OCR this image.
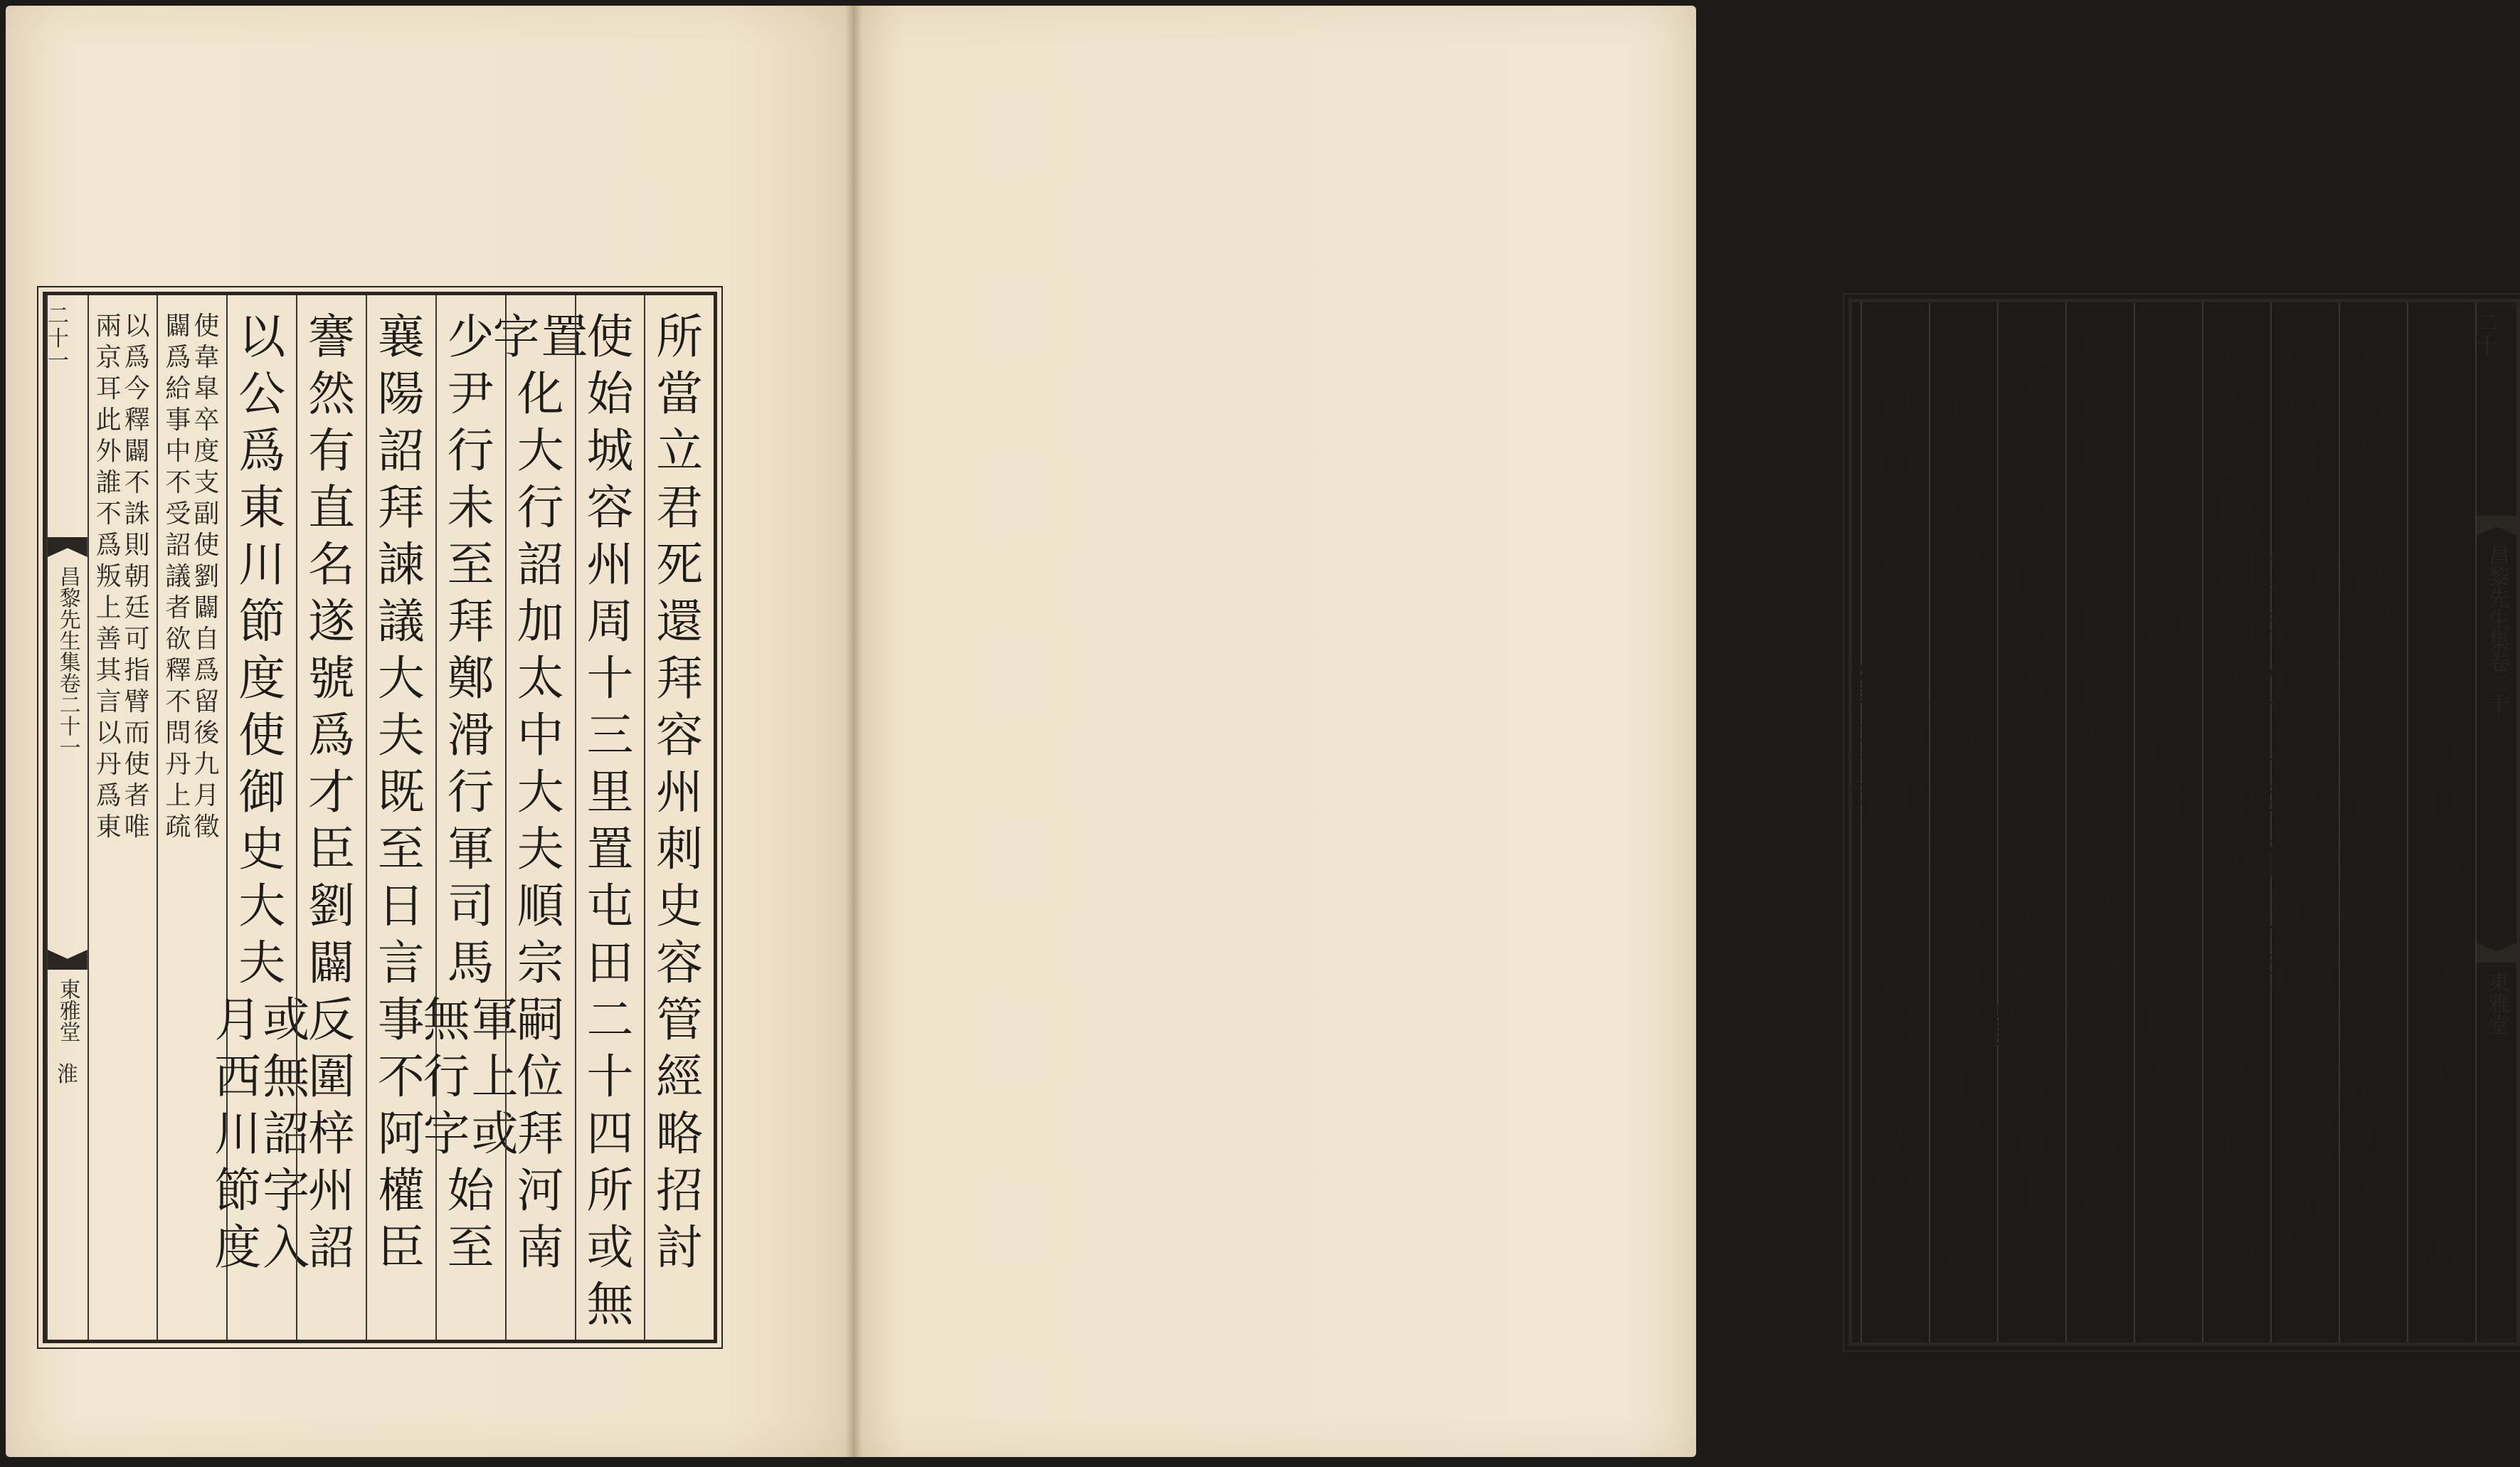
所
當
立
君
死
還
拜
容
州
刺
史
容
管
經
略
招
討
使
始
城
容
州
周
十
三
里
置
屯
田
二
十
四
所
或
無
置
字
化
大
行
詔
加
太
中
大
夫
順
宗
嗣
位
拜
河
南
少
尹
行
未
至
拜
鄭
滑
行
軍
司
馬
軍
上
或
無
行
字
始
至
襄
陽
詔
拜
諫
議
大
夫
既
至
日
言
事
不
阿
權
臣
謇
然
有
直
名
遂
號
爲
才
臣
劉
闢
反
圍
梓
州
詔
以
公
爲
東
川
節
度
使
御
史
大
夫
或
無
詔
字
入
月
西
川
節
度
使
韋
皐
卒
度
支
副
使
劉
闢
自
爲
留
後
九
月
徵
闢
爲
給
事
中
不
受
詔
議
者
欲
釋
不
問
丹
上
疏
以
爲
今
釋
闢
不
誅
則
朝
廷
可
指
臂
而
使
者
唯
兩
京
耳
此
外
誰
不
爲
叛
上
善
其
言
以
丹
爲
東
二十一
昌黎先生集
卷二十一
東雅堂
淮
二十
昌黎先生集
卷二十
東雅堂
史
徵
拜
太
子
舍
人
益
有
名
遷
起
居
郎
吳
少
誠
襲
許
州
拜
河
陽
行
軍
司
馬
未
行
少
誠
死
改
駕
部
員
外
郎
行
河
陽
下
或
有
軍
字
或
無
未
二
字
少
上
或
有
適
字
新
羅
國
君
死
公
以
司
封
郎
中
兼
御
史
中
丞
紫
衣
金
魚
往
弔
立
其
嗣
故
事
使
外
國
者
常
賜
州
縣
官
十
員
使
以
名
上
以
便
其
私
號
私
覿
官
公
將
行
曰
吾
天
子
吏
使
海
外
國
不
足
於
資
或
作
貲
宜
上
請
安
有
賣
官
以
受
錢
邪
即
具
疏
所
以
上
以
爲
賢
命
有
司
與
其
費
或
無
以
爲
賢
三
字
至
鄆
州
會
新
羅
告
